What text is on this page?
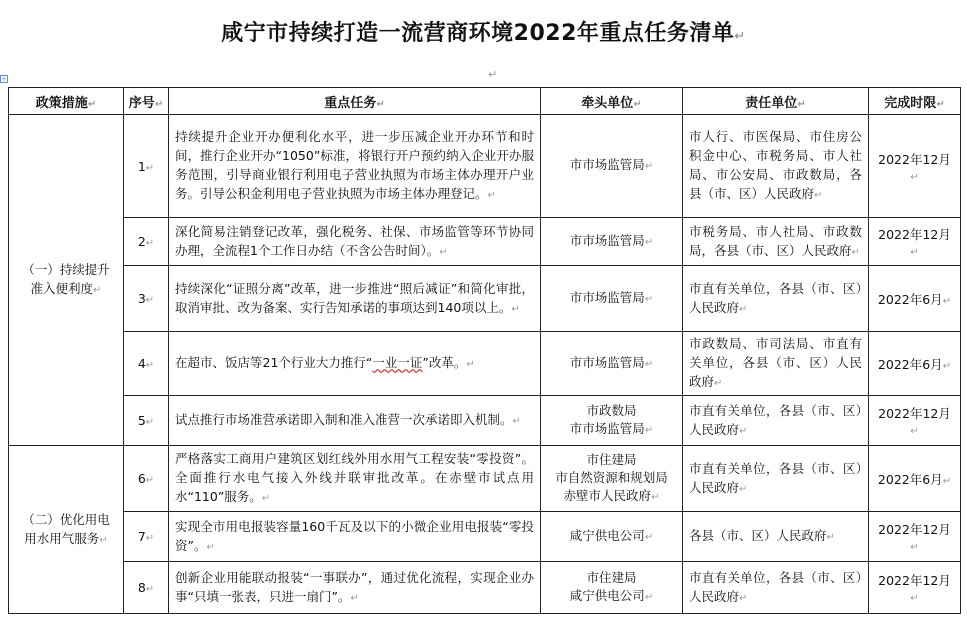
咸宁市持续打造一流营商环境2022年重点任务清单↵
+	↵
政策措施↵	序号↵	重点任务↵	牵头单位↵	责任单位↵	完成时限↵
（一）持续提升准入便利度↵	1↵	持续提升企业开办便利化水平，进一步压减企业开办环节和时间，推行企业开办“1050”标准，将银行开户预约纳入企业开办服务范围，引导商业银行利用电子营业执照为市场主体办理开户业务。引导公积金利用电子营业执照为市场主体办理登记。↵	市市场监管局↵	市人行、市医保局、市住房公积金中心、市税务局、市人社局、市公安局、市政数局，各县（市、区）人民政府↵	2022年12月↵
	2↵	深化简易注销登记改革，强化税务、社保、市场监管等环节协同办理，全流程1个工作日办结（不含公告时间）。↵	市市场监管局↵	市税务局、市人社局、市政数局，各县（市、区）人民政府↵	2022年12月↵
	3↵	持续深化“证照分离”改革，进一步推进“照后减证”和简化审批，取消审批、改为备案、实行告知承诺的事项达到140项以上。↵	市市场监管局↵	市直有关单位，各县（市、区）人民政府↵	2022年6月↵
	4↵	在超市、饭店等21个行业大力推行“一业一证”改革。↵	市市场监管局↵	市政数局、市司法局、市直有关单位，各县（市、区）人民政府↵	2022年6月↵
	5↵	试点推行市场准营承诺即入制和准入准营一次承诺即入机制。↵	市政数局
市市场监管局↵	市直有关单位，各县（市、区）人民政府↵	2022年12月↵
（二）优化用电用水用气服务↵	6↵	严格落实工商用户建筑区划红线外用水用气工程安装“零投资”。全面推行水电气接入外线并联审批改革。在赤壁市试点用水“110”服务。↵	市住建局
市自然资源和规划局
赤壁市人民政府↵	市直有关单位，各县（市、区）人民政府↵	2022年6月↵
	7↵	实现全市用电报装容量160千瓦及以下的小微企业用电报装“零投资”。↵	咸宁供电公司↵	各县（市、区）人民政府↵	2022年12月↵
	8↵	创新企业用能联动报装“一事联办”，通过优化流程，实现企业办事“只填一张表，只进一扇门”。↵	市住建局
咸宁供电公司↵	市直有关单位，各县（市、区）人民政府↵	2022年12月↵
